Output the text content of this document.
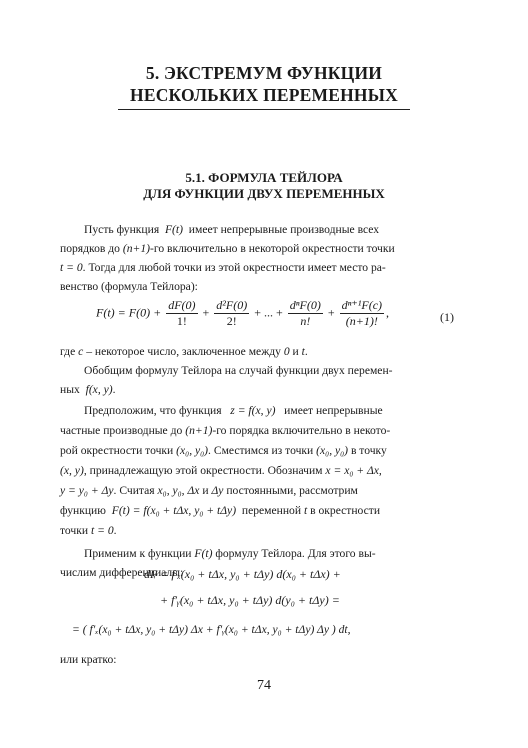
5. ЭКСТРЕМУМ ФУНКЦИИ
НЕСКОЛЬКИХ ПЕРЕМЕННЫХ
5.1. ФОРМУЛА ТЕЙЛОРА
ДЛЯ ФУНКЦИИ ДВУХ ПЕРЕМЕННЫХ
Пусть функция F(t) имеет непрерывные производные всех
порядков до (n+1)-го включительно в некоторой окрестности точки
t = 0. Тогда для любой точки из этой окрестности имеет место ра-
венство (формула Тейлора):
$F(t) = F(0) + \frac{dF(0)}{1!} + \frac{\text{d²F(0)}}{2!}$ + ... + $\frac{\text{dⁿF(0)}}{n!} + \frac{\text{dⁿ⁺¹F(c)}}{(n+1)!}$ ,	(1)
где c – некоторое число, заключенное между 0 и t.
Обобщим формулу Тейлора на случай функции двух перемен-
ных f(x, y).
Предположим, что функция z = f(x, y) имеет непрерывные
частные производные до (n+1)-го порядка включительно в некото-
рой окрестности точки (x₀, y₀). Сместимся из точки (x₀, y₀) в точку
(x, y), принадлежащую этой окрестности. Обозначим x = x₀ + Δx,
y = y₀ + Δy. Считая x₀, y₀, Δx и Δy постоянными, рассмотрим
функцию F(t) = f(x₀ + tΔx, y₀ + tΔy) переменной t в окрестности
точки t = 0.
Применим к функции F(t) формулу Тейлора. Для этого вы-
числим дифференциалы:
dF = f′ₓ(x₀ + tΔx, y₀ + tΔy) d(x₀ + tΔx) +
+ f′ᵧ(x₀ + tΔx, y₀ + tΔy) d(y₀ + tΔy) =
= ( f′ₓ(x₀ + tΔx, y₀ + tΔy) Δx + f′ᵧ(x₀ + tΔx, y₀ + tΔy) Δy ) dt,
или кратко:
74
